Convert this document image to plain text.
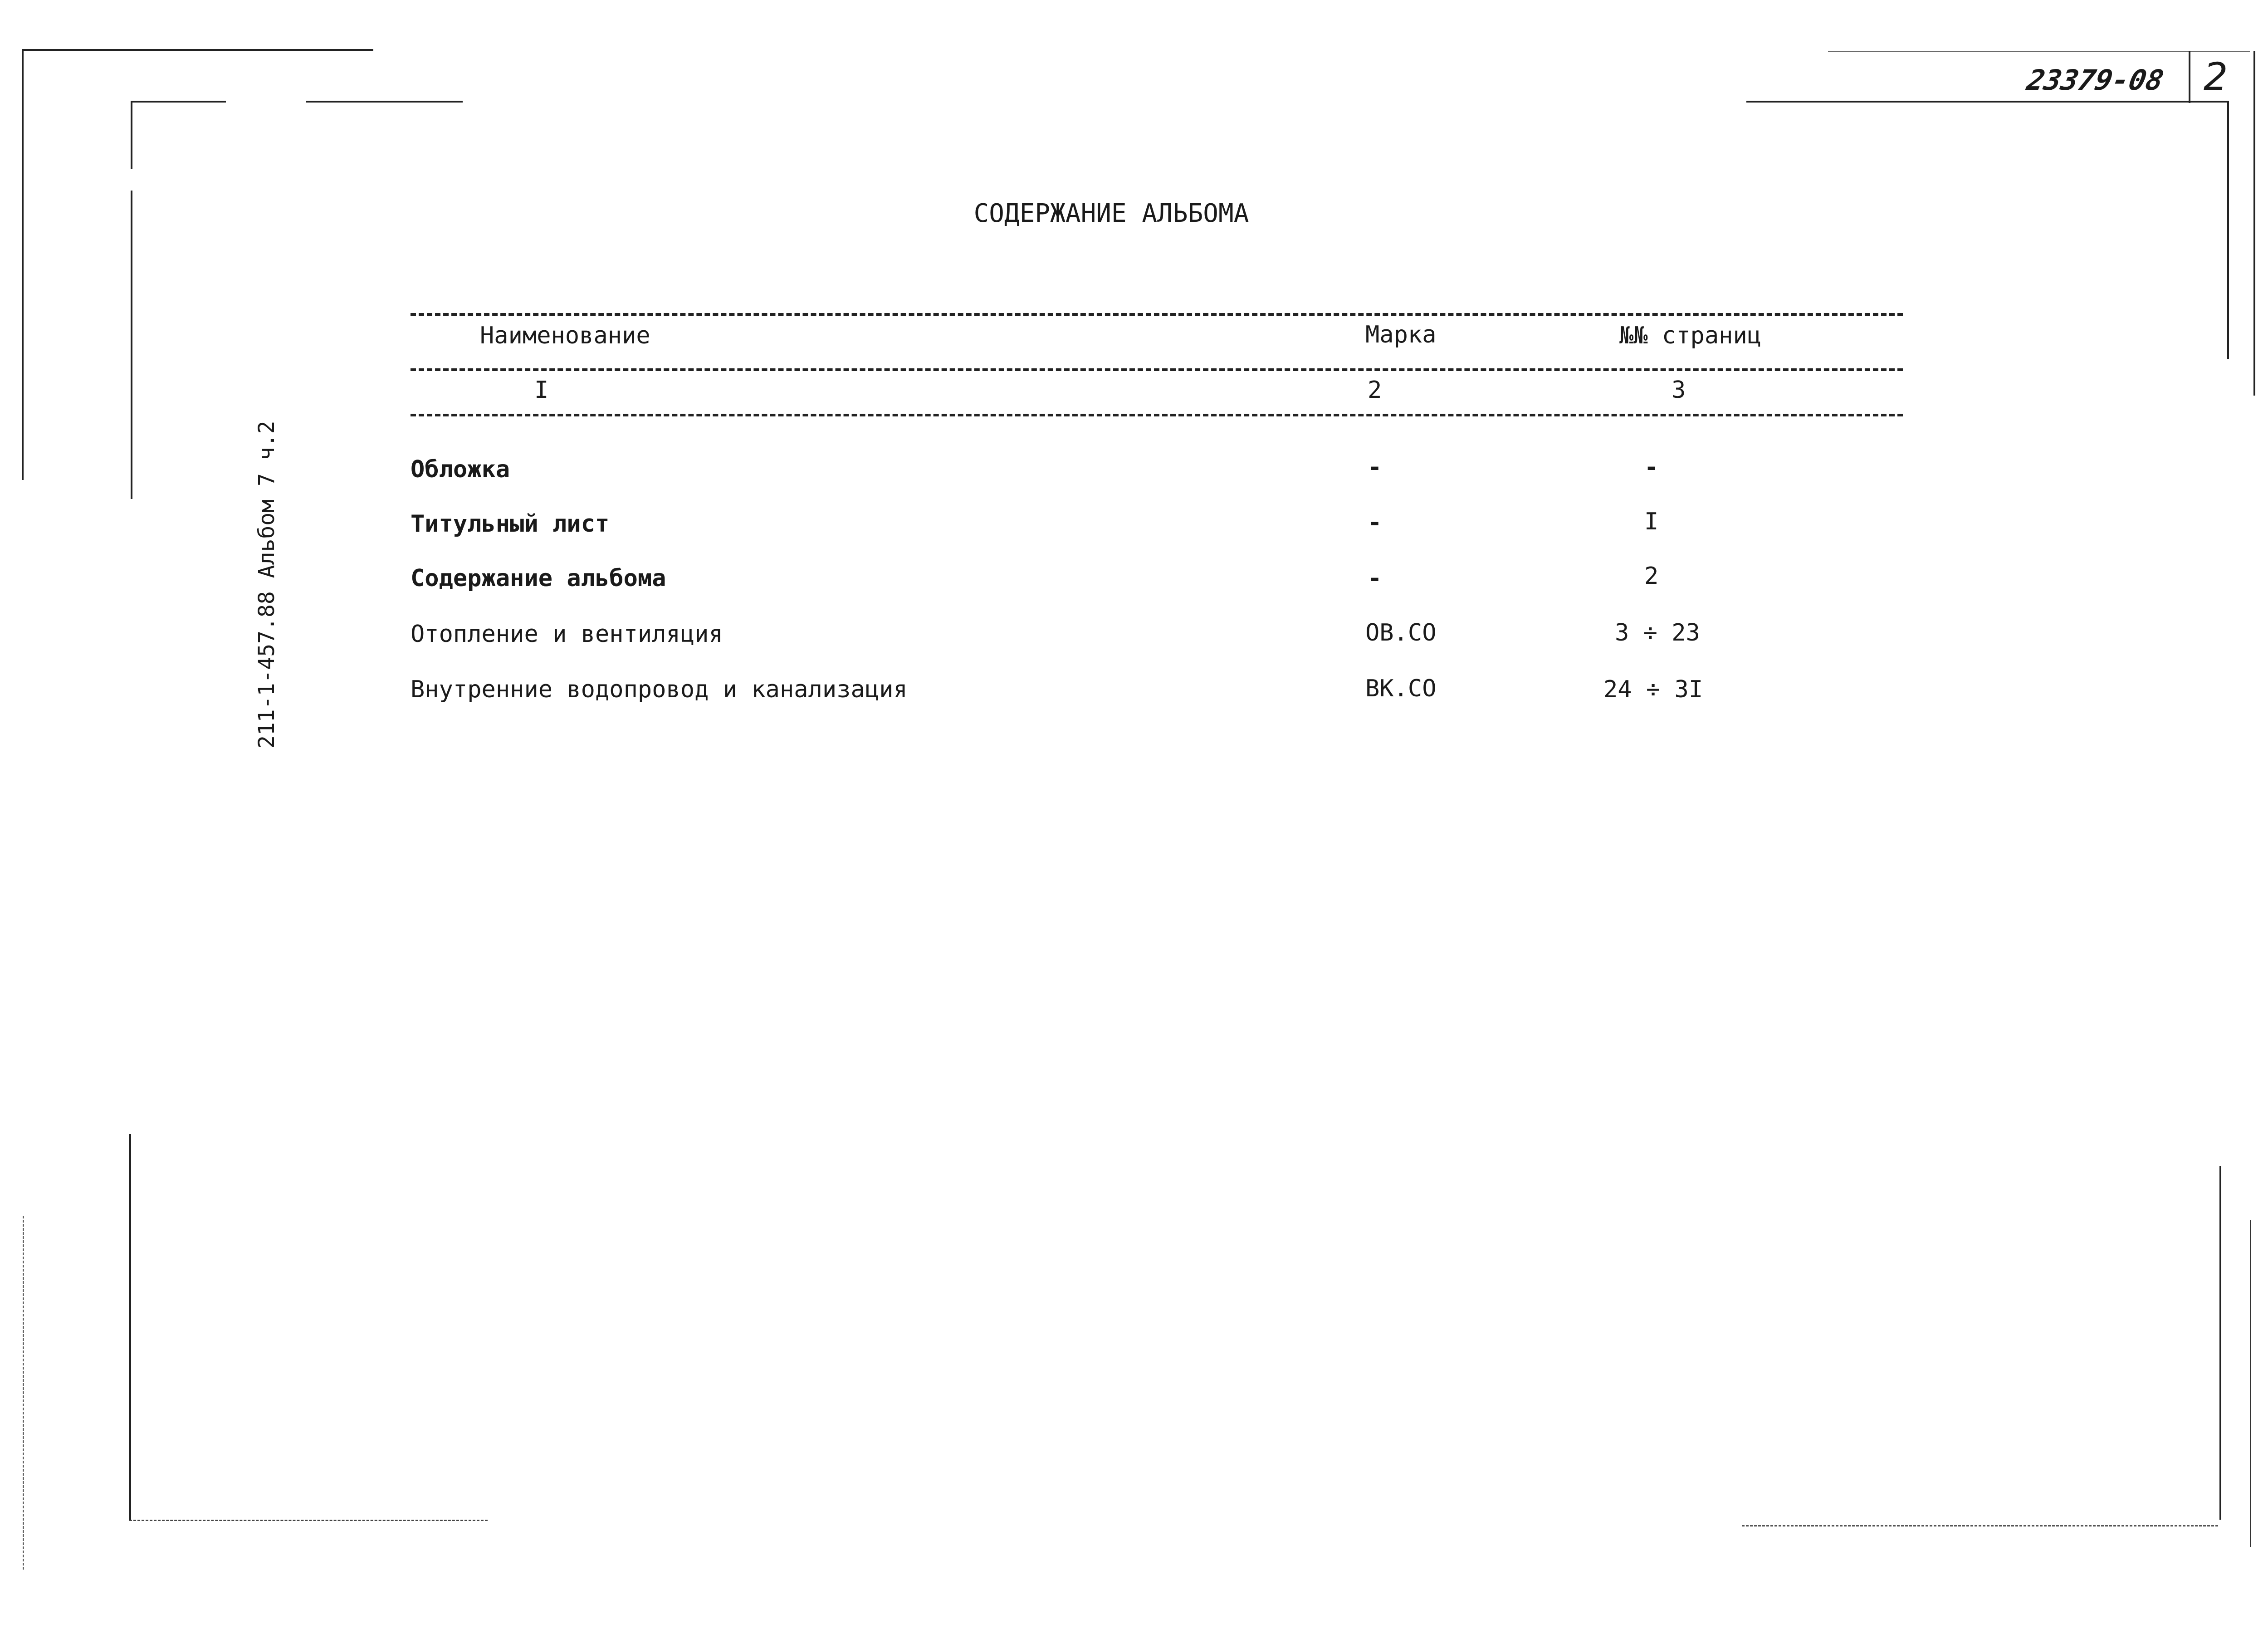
23379-08 2
211-1-457.88 Альбом 7 ч.2
СОДЕРЖАНИЕ АЛЬБОМА
Наименование	Марка	№№ страниц
I	2	3
Обложка	-	-
Титульный лист	-	I
Содержание альбома	-	2
Отопление и вентиляция	ОВ.СО	3 ÷ 23
Внутренние водопровод и канализация	ВК.СО	24 ÷ 3I
